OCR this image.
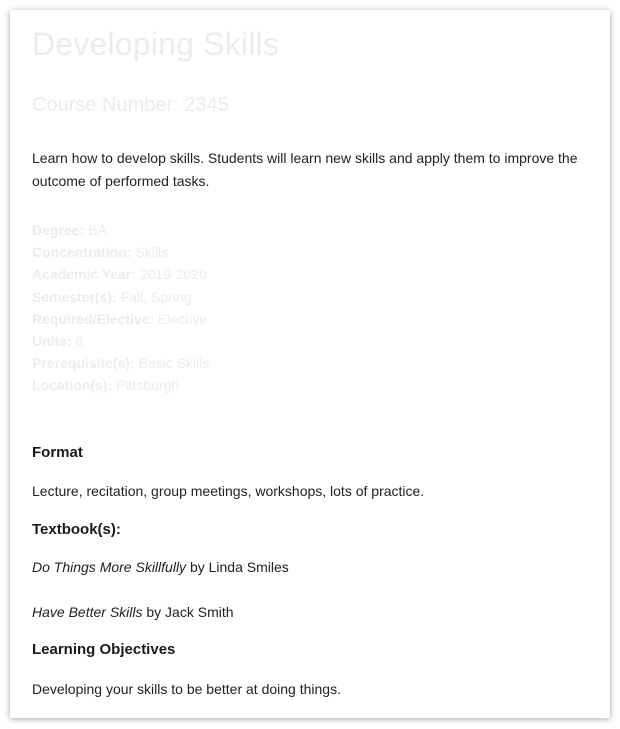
Developing Skills
Course Number: 2345

Learn how to develop skills. Students will learn new skills and apply them to improve the outcome of performed tasks.

Degree: BA
Concentration: Skills
Academic Year: 2019-2020
Semester(s): Fall, Spring
Required/Elective: Elective
Units: 6
Prerequisite(s): Basic Skills
Location(s): Pittsburgh
Format

Lecture, recitation, group meetings, workshops, lots of practice.

Textbook(s):

Do Things More Skillfully by Linda Smiles

Have Better Skills by Jack Smith

Learning Objectives

Developing your skills to be better at doing things.
